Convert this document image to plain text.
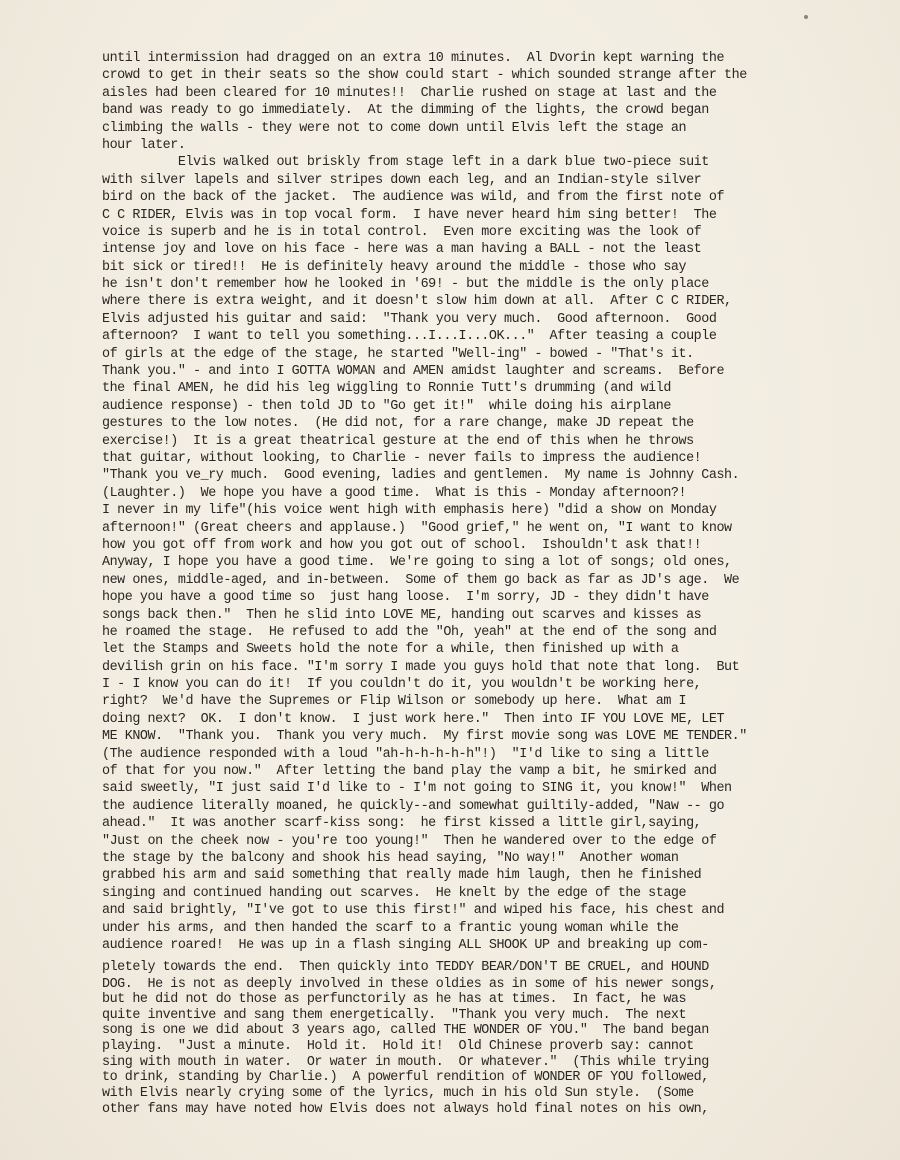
until intermission had dragged on an extra 10 minutes.  Al Dvorin kept warning the
crowd to get in their seats so the show could start - which sounded strange after the
aisles had been cleared for 10 minutes!!  Charlie rushed on stage at last and the
band was ready to go immediately.  At the dimming of the lights, the crowd began
climbing the walls - they were not to come down until Elvis left the stage an
hour later.
Elvis walked out briskly from stage left in a dark blue two-piece suit
with silver lapels and silver stripes down each leg, and an Indian-style silver
bird on the back of the jacket.  The audience was wild, and from the first note of
C C RIDER, Elvis was in top vocal form.  I have never heard him sing better!  The
voice is superb and he is in total control.  Even more exciting was the look of
intense joy and love on his face - here was a man having a BALL - not the least
bit sick or tired!!  He is definitely heavy around the middle - those who say
he isn't don't remember how he looked in '69! - but the middle is the only place
where there is extra weight, and it doesn't slow him down at all.  After C C RIDER,
Elvis adjusted his guitar and said:  "Thank you very much.  Good afternoon.  Good
afternoon?  I want to tell you something...I...I...OK..."  After teasing a couple
of girls at the edge of the stage, he started "Well-ing" - bowed - "That's it.
Thank you." - and into I GOTTA WOMAN and AMEN amidst laughter and screams.  Before
the final AMEN, he did his leg wiggling to Ronnie Tutt's drumming (and wild
audience response) - then told JD to "Go get it!"  while doing his airplane
gestures to the low notes.  (He did not, for a rare change, make JD repeat the
exercise!)  It is a great theatrical gesture at the end of this when he throws
that guitar, without looking, to Charlie - never fails to impress the audience!
"Thank you ve_ry much.  Good evening, ladies and gentlemen.  My name is Johnny Cash.
(Laughter.)  We hope you have a good time.  What is this - Monday afternoon?!
I never in my life"(his voice went high with emphasis here) "did a show on Monday
afternoon!" (Great cheers and applause.)  "Good grief," he went on, "I want to know
how you got off from work and how you got out of school.  Ishouldn't ask that!!
Anyway, I hope you have a good time.  We're going to sing a lot of songs; old ones,
new ones, middle-aged, and in-between.  Some of them go back as far as JD's age.  We
hope you have a good time so  just hang loose.  I'm sorry, JD - they didn't have
songs back then."  Then he slid into LOVE ME, handing out scarves and kisses as
he roamed the stage.  He refused to add the "Oh, yeah" at the end of the song and
let the Stamps and Sweets hold the note for a while, then finished up with a
devilish grin on his face. "I'm sorry I made you guys hold that note that long.  But
I - I know you can do it!  If you couldn't do it, you wouldn't be working here,
right?  We'd have the Supremes or Flip Wilson or somebody up here.  What am I
doing next?  OK.  I don't know.  I just work here."  Then into IF YOU LOVE ME, LET
ME KNOW.  "Thank you.  Thank you very much.  My first movie song was LOVE ME TENDER."
(The audience responded with a loud "ah-h-h-h-h-h"!)  "I'd like to sing a little
of that for you now."  After letting the band play the vamp a bit, he smirked and
said sweetly, "I just said I'd like to - I'm not going to SING it, you know!"  When
the audience literally moaned, he quickly--and somewhat guiltily-added, "Naw -- go
ahead."  It was another scarf-kiss song:  he first kissed a little girl,saying,
"Just on the cheek now - you're too young!"  Then he wandered over to the edge of
the stage by the balcony and shook his head saying, "No way!"  Another woman
grabbed his arm and said something that really made him laugh, then he finished
singing and continued handing out scarves.  He knelt by the edge of the stage
and said brightly, "I've got to use this first!" and wiped his face, his chest and
under his arms, and then handed the scarf to a frantic young woman while the
audience roared!  He was up in a flash singing ALL SHOOK UP and breaking up com-
pletely towards the end.  Then quickly into TEDDY BEAR/DON'T BE CRUEL, and HOUND
DOG.  He is not as deeply involved in these oldies as in some of his newer songs,
but he did not do those as perfunctorily as he has at times.  In fact, he was
quite inventive and sang them energetically.  "Thank you very much.  The next
song is one we did about 3 years ago, called THE WONDER OF YOU."  The band began
playing.  "Just a minute.  Hold it.  Hold it!  Old Chinese proverb say: cannot
sing with mouth in water.  Or water in mouth.  Or whatever."  (This while trying
to drink, standing by Charlie.)  A powerful rendition of WONDER OF YOU followed,
with Elvis nearly crying some of the lyrics, much in his old Sun style.  (Some
other fans may have noted how Elvis does not always hold final notes on his own,
